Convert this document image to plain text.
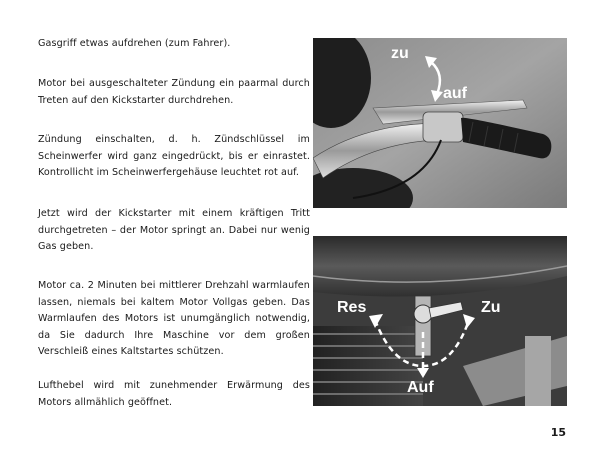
Gasgriff etwas aufdrehen (zum Fahrer).

Motor bei ausgeschalteter Zündung ein paarmal durch Treten auf den Kickstarter durchdrehen.

Zündung einschalten, d. h. Zündschlüssel im Scheinwerfer wird ganz eingedrückt, bis er einrastet. Kontrollicht im Scheinwerfergehäuse leuchtet rot auf.

Jetzt wird der Kickstarter mit einem kräftigen Tritt durchgetreten – der Motor springt an. Dabei nur wenig Gas geben.

Motor ca. 2 Minuten bei mittlerer Drehzahl warmlaufen lassen, niemals bei kaltem Motor Vollgas geben. Das Warmlaufen des Motors ist unumgänglich notwendig, da Sie dadurch Ihre Maschine vor dem großen Verschleiß eines Kaltstartes schützen.

Lufthebel wird mit zunehmender Erwärmung des Motors allmählich geöffnet.

zu
auf
Res	Zu
Auf
15
